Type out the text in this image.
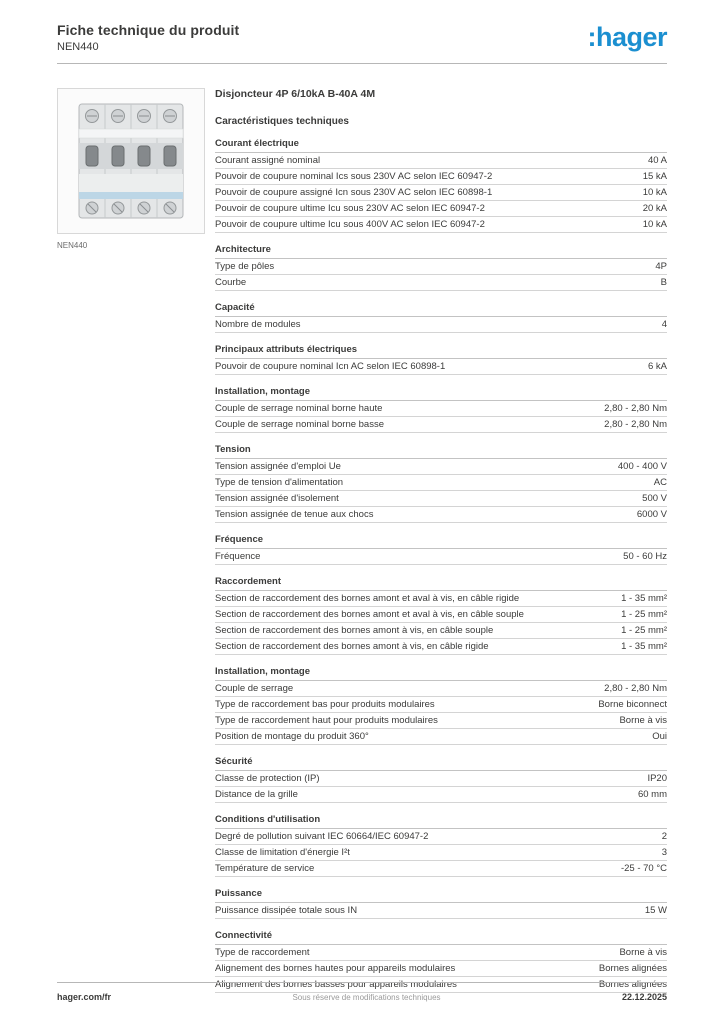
Fiche technique du produit
NEN440	:hager
NEN440
Disjoncteur 4P 6/10kA B-40A 4M
Caractéristiques techniques
Courant électrique
Courant assigné nominal	40 A
Pouvoir de coupure nominal Ics sous 230V AC selon IEC 60947-2	15 kA
Pouvoir de coupure assigné Icn sous 230V AC selon IEC 60898-1	10 kA
Pouvoir de coupure ultime Icu sous 230V AC selon IEC 60947-2	20 kA
Pouvoir de coupure ultime Icu sous 400V AC selon IEC 60947-2	10 kA
Architecture
Type de pôles	4P
Courbe	B
Capacité
Nombre de modules	4
Principaux attributs électriques
Pouvoir de coupure nominal Icn AC selon IEC 60898-1	6 kA
Installation, montage
Couple de serrage nominal borne haute	2,80 - 2,80 Nm
Couple de serrage nominal borne basse	2,80 - 2,80 Nm
Tension
Tension assignée d'emploi Ue	400 - 400 V
Type de tension d'alimentation	AC
Tension assignée d'isolement	500 V
Tension assignée de tenue aux chocs	6000 V
Fréquence
Fréquence	50 - 60 Hz
Raccordement
Section de raccordement des bornes amont et aval à vis, en câble rigide	1 - 35 mm²
Section de raccordement des bornes amont et aval à vis, en câble souple	1 - 25 mm²
Section de raccordement des bornes amont à vis, en câble souple	1 - 25 mm²
Section de raccordement des bornes amont à vis, en câble rigide	1 - 35 mm²
Installation, montage
Couple de serrage	2,80 - 2,80 Nm
Type de raccordement bas pour produits modulaires	Borne biconnect
Type de raccordement haut pour produits modulaires	Borne à vis
Position de montage du produit 360°	Oui
Sécurité
Classe de protection (IP)	IP20
Distance de la grille	60 mm
Conditions d'utilisation
Degré de pollution suivant IEC 60664/IEC 60947-2	2
Classe de limitation d'énergie I²t	3
Température de service	-25 - 70 °C
Puissance
Puissance dissipée totale sous IN	15 W
Connectivité
Type de raccordement	Borne à vis
Alignement des bornes hautes pour appareils modulaires	Bornes alignées
Alignement des bornes basses pour appareils modulaires	Bornes alignées
hager.com/fr	Sous réserve de modifications techniques	22.12.2025
